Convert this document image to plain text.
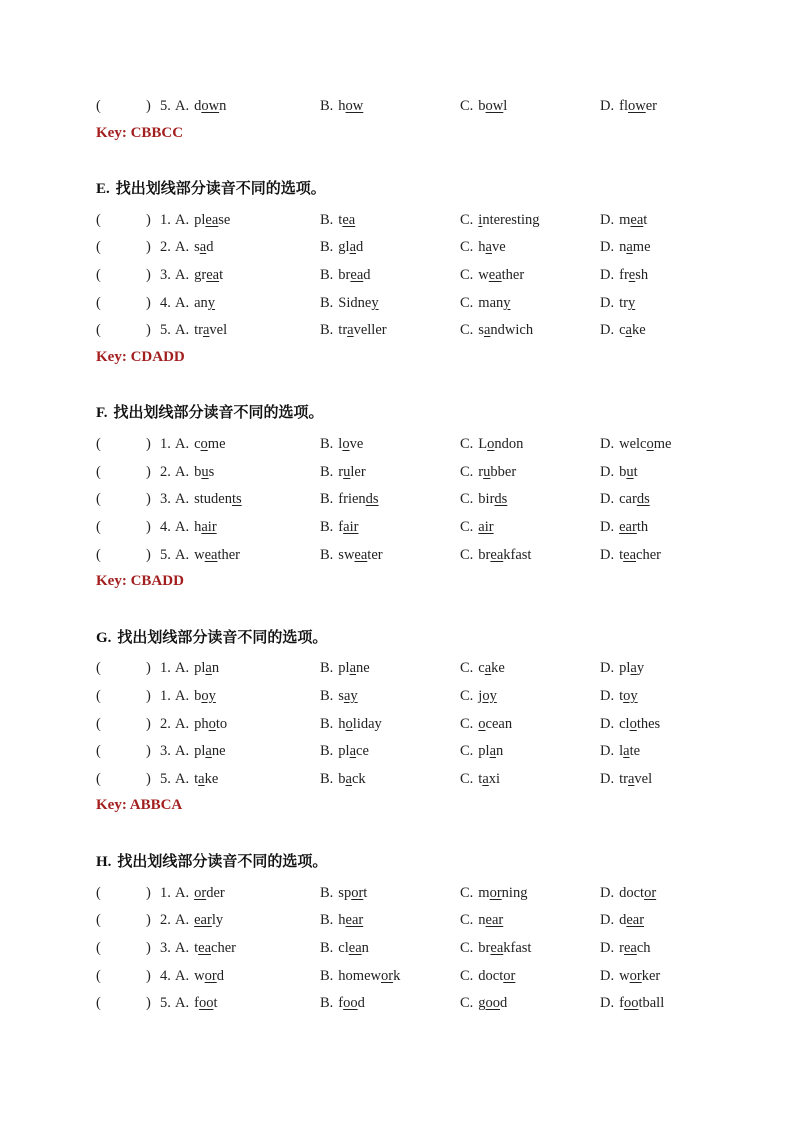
(	) 5. A. down	B. how	C. bowl	D. flower
Key: CBBCC
E. 找出划线部分读音不同的选项。
(	) 1. A. please	B. tea	C. interesting	D. meat
(	) 2. A. sad	B. glad	C. have	D. name
(	) 3. A. great	B. bread	C. weather	D. fresh
(	) 4. A. any	B. Sidney	C. many	D. try
(	) 5. A. travel	B. traveller	C. sandwich	D. cake
Key: CDADD
F. 找出划线部分读音不同的选项。
(	) 1. A. come	B. love	C. London	D. welcome
(	) 2. A. bus	B. ruler	C. rubber	D. but
(	) 3. A. students	B. friends	C. birds	D. cards
(	) 4. A. hair	B. fair	C. air	D. earth
(	) 5. A. weather	B. sweater	C. breakfast	D. teacher
Key: CBADD
G. 找出划线部分读音不同的选项。
(	) 1. A. plan	B. plane	C. cake	D. play
(	) 1. A. boy	B. say	C. joy	D. toy
(	) 2. A. photo	B. holiday	C. ocean	D. clothes
(	) 3. A. plane	B. place	C. plan	D. late
(	) 5. A. take	B. back	C. taxi	D. travel
Key: ABBCA
H. 找出划线部分读音不同的选项。
(	) 1. A. order	B. sport	C. morning	D. doctor
(	) 2. A. early	B. hear	C. near	D. dear
(	) 3. A. teacher	B. clean	C. breakfast	D. reach
(	) 4. A. word	B. homework	C. doctor	D. worker
(	) 5. A. foot	B. food	C. good	D. football
